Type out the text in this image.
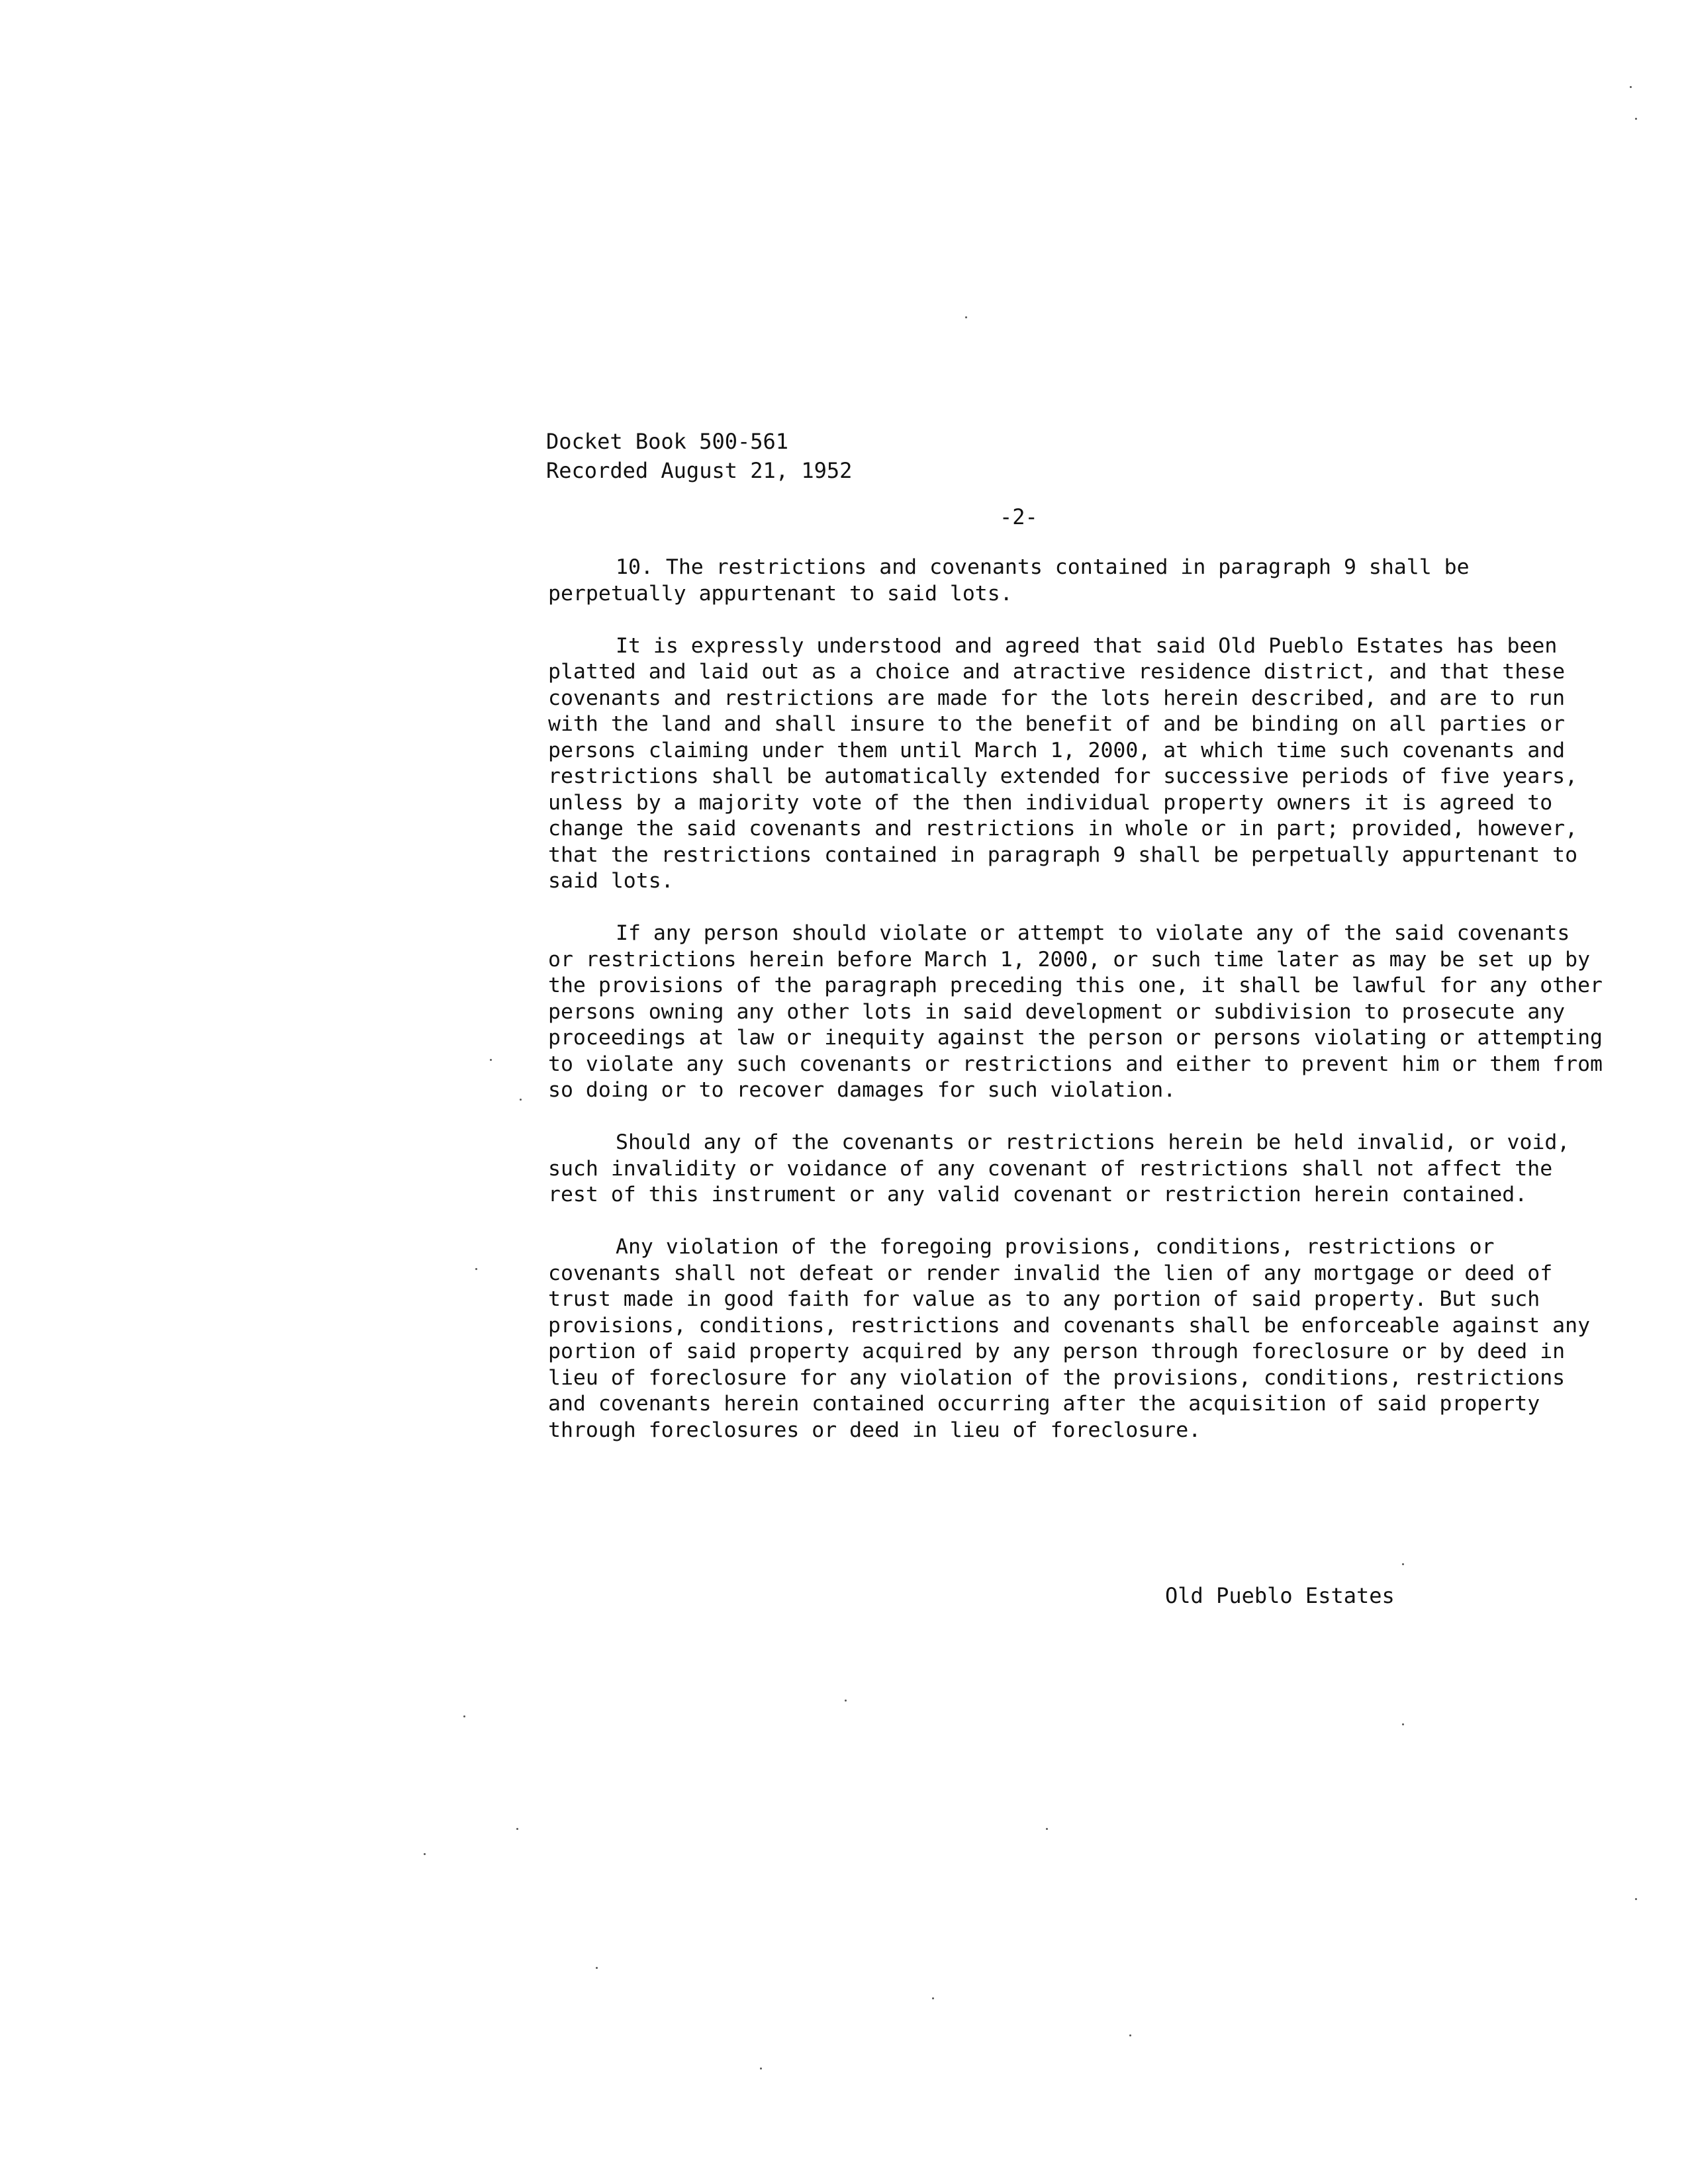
Docket Book 500-561
Recorded August 21, 1952
-2-

10. The restrictions and covenants contained in paragraph 9 shall be perpetually appurtenant to said lots.

It is expressly understood and agreed that said Old Pueblo Estates has been platted and laid out as a choice and atractive residence district, and that these covenants and restrictions are made for the lots herein described, and are to run with the land and shall insure to the benefit of and be binding on all parties or persons claiming under them until March 1, 2000, at which time such covenants and restrictions shall be automatically extended for successive periods of five years, unless by a majority vote of the then individual property owners it is agreed to change the said covenants and restrictions in whole or in part; provided, however, that the restrictions contained in paragraph 9 shall be perpetually appurtenant to said lots.

If any person should violate or attempt to violate any of the said covenants or restrictions herein before March 1, 2000, or such time later as may be set up by the provisions of the paragraph preceding this one, it shall be lawful for any other persons owning any other lots in said development or subdivision to prosecute any proceedings at law or inequity against the person or persons violating or attempting to violate any such covenants or restrictions and either to prevent him or them from so doing or to recover damages for such violation.

Should any of the covenants or restrictions herein be held invalid, or void, such invalidity or voidance of any covenant of restrictions shall not affect the rest of this instrument or any valid covenant or restriction herein contained.

Any violation of the foregoing provisions, conditions, restrictions or covenants shall not defeat or render invalid the lien of any mortgage or deed of trust made in good faith for value as to any portion of said property. But such provisions, conditions, restrictions and covenants shall be enforceable against any portion of said property acquired by any person through foreclosure or by deed in lieu of foreclosure for any violation of the provisions, conditions, restrictions and covenants herein contained occurring after the acquisition of said property through foreclosures or deed in lieu of foreclosure.

Old Pueblo Estates
